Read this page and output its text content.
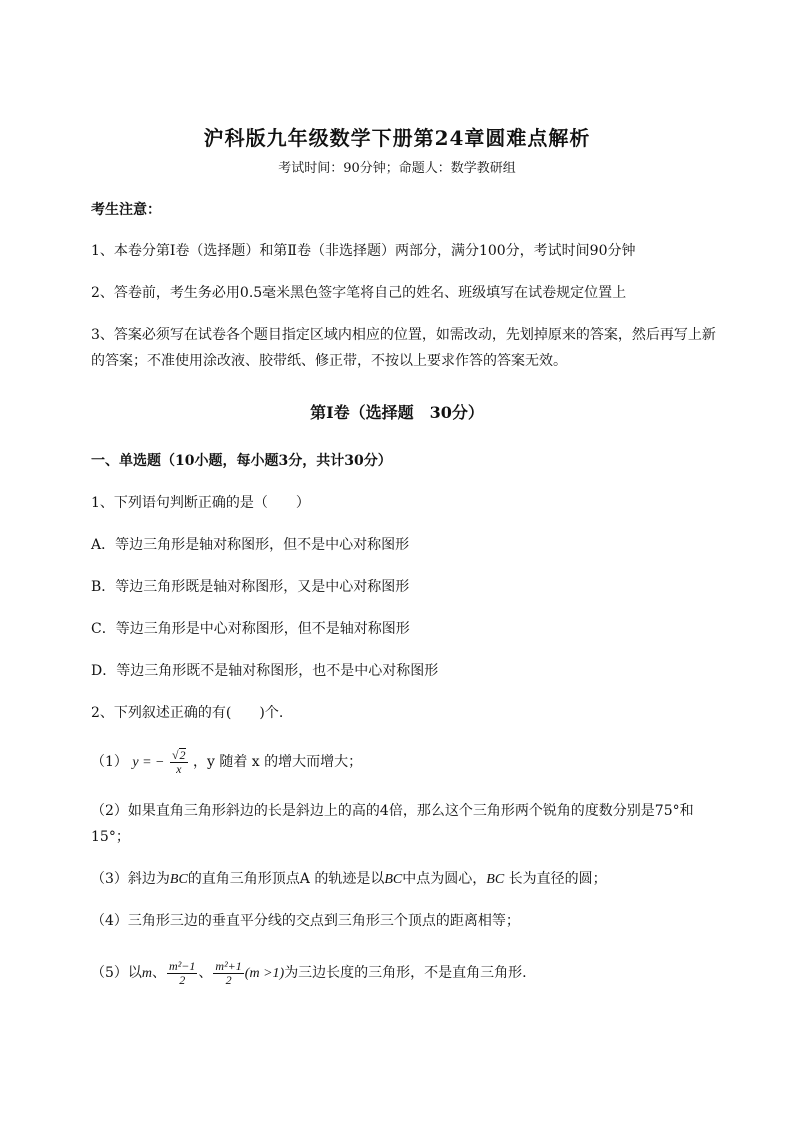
沪科版九年级数学下册第24章圆难点解析
考试时间：90分钟；命题人：数学教研组
考生注意：
1、本卷分第I卷（选择题）和第Ⅱ卷（非选择题）两部分，满分100分，考试时间90分钟
2、答卷前，考生务必用0.5毫米黑色签字笔将自己的姓名、班级填写在试卷规定位置上
3、答案必须写在试卷各个题目指定区域内相应的位置，如需改动，先划掉原来的答案，然后再写上新
的答案；不准使用涂改液、胶带纸、修正带，不按以上要求作答的答案无效。
第I卷（选择题 30分）
一、单选题（10小题，每小题3分，共计30分）
1、下列语句判断正确的是（　　）
A．等边三角形是轴对称图形，但不是中心对称图形
B．等边三角形既是轴对称图形，又是中心对称图形
C．等边三角形是中心对称图形，但不是轴对称图形
D．等边三角形既不是轴对称图形，也不是中心对称图形
2、下列叙述正确的有(　　)个.
（1） y = − $\frac{√2}{x}$ ，y 随着 x 的增大而增大；
（2）如果直角三角形斜边的长是斜边上的高的4倍，那么这个三角形两个锐角的度数分别是75°和
15°；
（3）斜边为BC的直角三角形顶点A 的轨迹是以BC中点为圆心，BC 长为直径的圆；
（4）三角形三边的垂直平分线的交点到三角形三个顶点的距离相等；
（5）以m、 $\frac{\text{m²−1}}{2}$ 、 $\frac{\text{m²+1}}{2} (m >1)$为三边长度的三角形，不是直角三角形.
